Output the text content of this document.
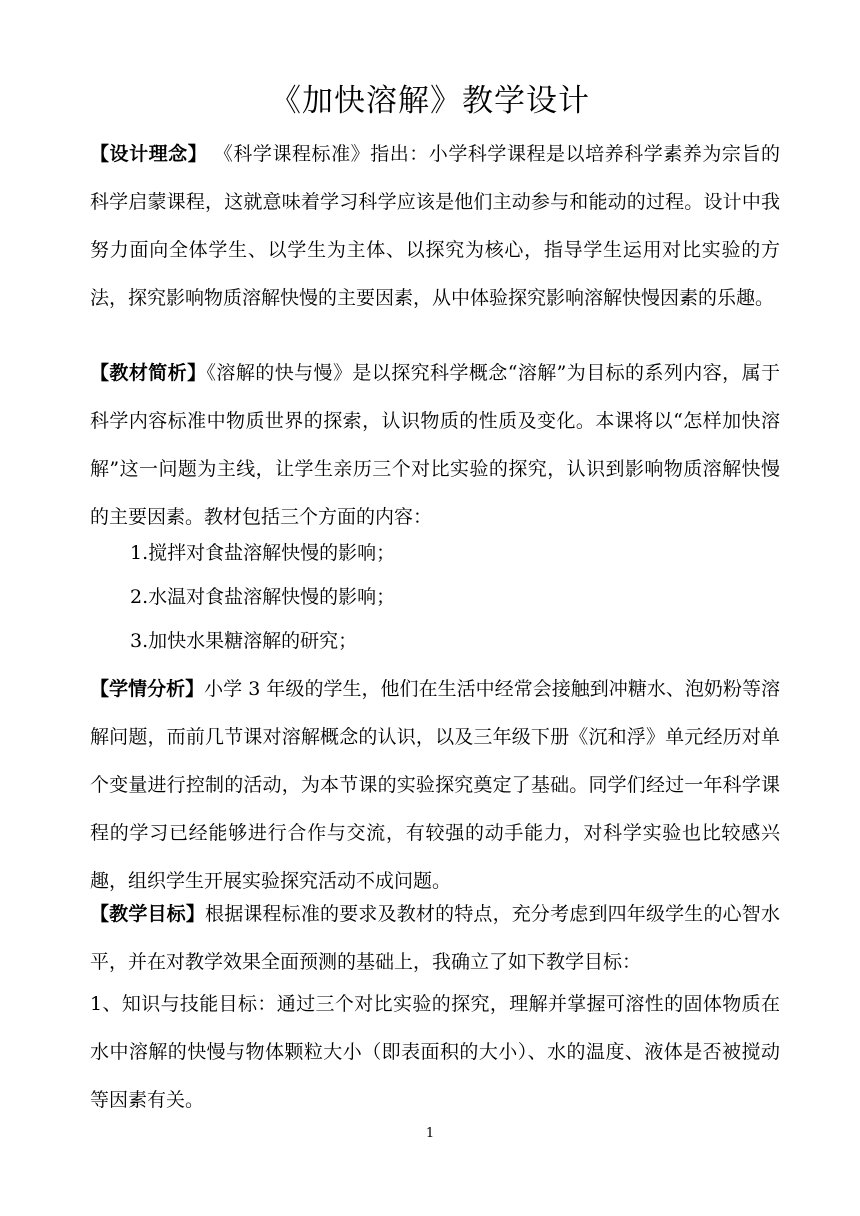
《加快溶解》教学设计
【设计理念】 《科学课程标准》指出：小学科学课程是以培养科学素养为宗旨的科学启蒙课程，这就意味着学习科学应该是他们主动参与和能动的过程。设计中我努力面向全体学生、以学生为主体、以探究为核心，指导学生运用对比实验的方法，探究影响物质溶解快慢的主要因素，从中体验探究影响溶解快慢因素的乐趣。
【教材简析】《溶解的快与慢》是以探究科学概念“溶解”为目标的系列内容，属于科学内容标准中物质世界的探索，认识物质的性质及变化。本课将以“怎样加快溶解”这一问题为主线，让学生亲历三个对比实验的探究，认识到影响物质溶解快慢的主要因素。教材包括三个方面的内容：
1.搅拌对食盐溶解快慢的影响；
2.水温对食盐溶解快慢的影响；
3.加快水果糖溶解的研究；
【学情分析】小学 3 年级的学生，他们在生活中经常会接触到冲糖水、泡奶粉等溶解问题，而前几节课对溶解概念的认识，以及三年级下册《沉和浮》单元经历对单个变量进行控制的活动，为本节课的实验探究奠定了基础。同学们经过一年科学课程的学习已经能够进行合作与交流，有较强的动手能力，对科学实验也比较感兴趣，组织学生开展实验探究活动不成问题。
【教学目标】根据课程标准的要求及教材的特点，充分考虑到四年级学生的心智水平，并在对教学效果全面预测的基础上，我确立了如下教学目标：
1、知识与技能目标：通过三个对比实验的探究，理解并掌握可溶性的固体物质在水中溶解的快慢与物体颗粒大小（即表面积的大小）、水的温度、液体是否被搅动等因素有关。
1
